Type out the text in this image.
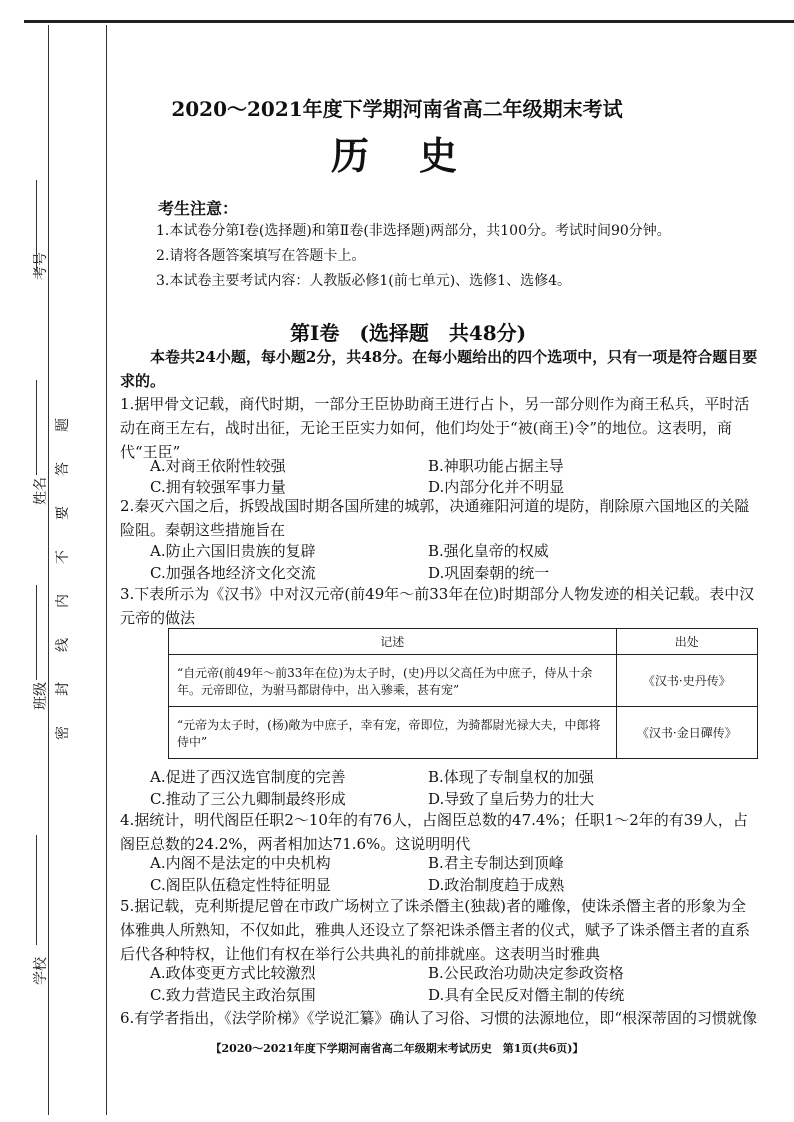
考号
姓名
班级
学校
密　封　线　内　不　要　答　题
2020～2021年度下学期河南省高二年级期末考试
历　史
考生注意：
1.本试卷分第Ⅰ卷(选择题)和第Ⅱ卷(非选择题)两部分，共100分。考试时间90分钟。
2.请将各题答案填写在答题卡上。
3.本试卷主要考试内容：人教版必修1(前七单元)、选修1、选修4。
第Ⅰ卷　(选择题　共48分)
本卷共24小题，每小题2分，共48分。在每小题给出的四个选项中，只有一项是符合题目要求的。
1.据甲骨文记载，商代时期，一部分王臣协助商王进行占卜，另一部分则作为商王私兵，平时活动在商王左右，战时出征，无论王臣实力如何，他们均处于“被(商王)令”的地位。这表明，商代“王臣”
A.对商王依附性较强	B.神职功能占据主导
C.拥有较强军事力量	D.内部分化并不明显
2.秦灭六国之后，拆毁战国时期各国所建的城郭，决通雍阳河道的堤防，削除原六国地区的关隘险阻。秦朝这些措施旨在
A.防止六国旧贵族的复辟	B.强化皇帝的权威
C.加强各地经济文化交流	D.巩固秦朝的统一
3.下表所示为《汉书》中对汉元帝(前49年～前33年在位)时期部分人物发迹的相关记载。表中汉元帝的做法
记述	出处
“自元帝(前49年～前33年在位)为太子时，(史)丹以父高任为中庶子，侍从十余年。元帝即位，为驸马都尉侍中，出入骖乘，甚有宠”	《汉书·史丹传》
“元帝为太子时，(杨)敞为中庶子，幸有宠，帝即位，为骑都尉光禄大夫，中郎将侍中”	《汉书·金日磾传》
A.促进了西汉选官制度的完善	B.体现了专制皇权的加强
C.推动了三公九卿制最终形成	D.导致了皇后势力的壮大
4.据统计，明代阁臣任职2～10年的有76人，占阁臣总数的47.4%；任职1～2年的有39人，占阁臣总数的24.2%，两者相加达71.6%。这说明明代
A.内阁不是法定的中央机构	B.君主专制达到顶峰
C.阁臣队伍稳定性特征明显	D.政治制度趋于成熟
5.据记载，克利斯提尼曾在市政广场树立了诛杀僭主(独裁)者的雕像，使诛杀僭主者的形象为全体雅典人所熟知，不仅如此，雅典人还设立了祭祀诛杀僭主者的仪式，赋予了诛杀僭主者的直系后代各种特权，让他们有权在举行公共典礼的前排就座。这表明当时雅典
A.政体变更方式比较激烈	B.公民政治功勋决定参政资格
C.致力营造民主政治氛围	D.具有全民反对僭主制的传统
6.有学者指出，《法学阶梯》《学说汇纂》确认了习俗、习惯的法源地位，即“根深蒂固的习惯就像
【2020～2021年度下学期河南省高二年级期末考试历史　第1页(共6页)】
